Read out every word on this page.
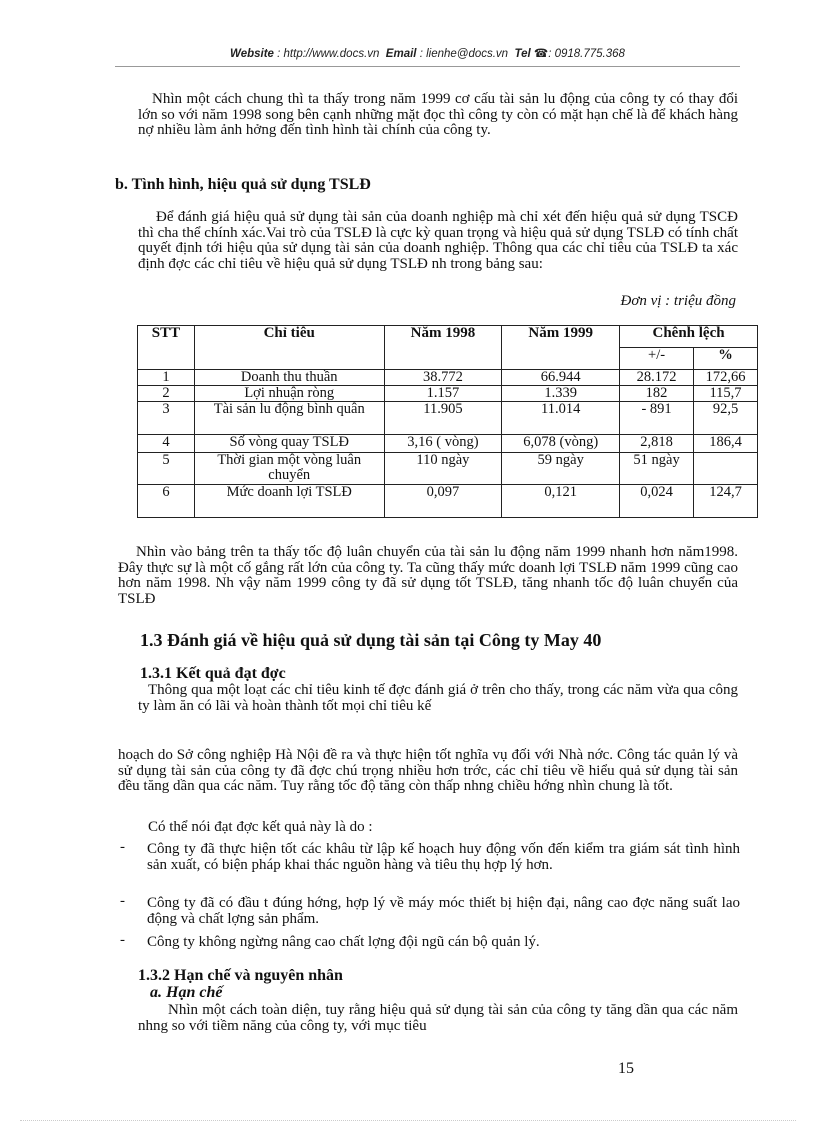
Website : http://www.docs.vn Email : lienhe@docs.vn Tel ☎: 0918.775.368

Nhìn một cách chung thì ta thấy trong năm 1999 cơ cấu tài sản lu động của công ty có thay đổi lớn so với năm 1998 song bên cạnh những mặt đọc thì công ty còn có mặt hạn chế là để khách hàng nợ nhiều làm ảnh hởng đến tình hình tài chính của công ty.

b. Tình hình, hiệu quả sử dụng TSLĐ

Để đánh giá hiệu quả sử dụng tài sản của doanh nghiệp mà chỉ xét đến hiệu quả sử dụng TSCĐ thì cha thể chính xác.Vai trò của TSLĐ là cực kỳ quan trọng và hiệu quả sử dụng TSLĐ có tính chất quyết định tới hiệu qủa sử dụng tài sản của doanh nghiệp. Thông qua các chỉ tiêu của TSLĐ ta xác định đợc các chỉ tiêu về hiệu quả sử dụng TSLĐ nh trong bảng sau:

Đơn vị : triệu đồng
STT	Chỉ tiêu	Năm 1998	Năm 1999	Chênh lệch	
				+/-	%
1	Doanh thu thuần	38.772	66.944	28.172	172,66
2	Lợi nhuận ròng	1.157	1.339	182	115,7
3	Tài sản lu động bình quân	11.905	11.014	- 891	92,5
4	Số vòng quay TSLĐ	3,16 ( vòng)	6,078 (vòng)	2,818	186,4
5	Thời gian một vòng luân chuyển	110 ngày	59 ngày	51 ngày	
6	Mức doanh lợi TSLĐ	0,097	0,121	0,024	124,7

Nhìn vào bảng trên ta thấy tốc độ luân chuyển của tài sản lu động năm 1999 nhanh hơn năm1998. Đây thực sự là một cố gắng rất lớn của công ty. Ta cũng thấy mức doanh lợi TSLĐ năm 1999 cũng cao hơn năm 1998. Nh vậy năm 1999 công ty đã sử dụng tốt TSLĐ, tăng nhanh tốc độ luân chuyển của TSLĐ

1.3 Đánh giá về hiệu quả sử dụng tài sản tại Công ty May 40

1.3.1 Kết quả đạt đợc

Thông qua một loạt các chỉ tiêu kinh tế đợc đánh giá ở trên cho thấy, trong các năm vừa qua công ty làm ăn có lãi và hoàn thành tốt mọi chỉ tiêu kế

hoạch do Sở công nghiệp Hà Nội đề ra và thực hiện tốt nghĩa vụ đối với Nhà nớc. Công tác quản lý và sử dụng tài sản của công ty đã đợc chú trọng nhiều hơn trớc, các chỉ tiêu về hiểu quả sử dụng tài sản đều tăng dần qua các năm. Tuy rằng tốc độ tăng còn thấp nhng chiều hớng nhìn chung là tốt.

Có thể nói đạt đợc kết quả này là do :

- Công ty đã thực hiện tốt các khâu từ lập kế hoạch huy động vốn đến kiểm tra giám sát tình hình sản xuất, có biện pháp khai thác nguồn hàng và tiêu thụ hợp lý hơn.
- Công ty đã có đầu t đúng hớng, hợp lý về máy móc thiết bị hiện đại, nâng cao đợc năng suất lao động và chất lợng sản phẩm.
- Công ty không ngừng nâng cao chất lợng đội ngũ cán bộ quản lý.

1.3.2 Hạn chế và nguyên nhân

a. Hạn chế

Nhìn một cách toàn diện, tuy rằng hiệu quả sử dụng tài sản của công ty tăng dần qua các năm nhng so với tiềm năng của công ty, với mục tiêu

15
